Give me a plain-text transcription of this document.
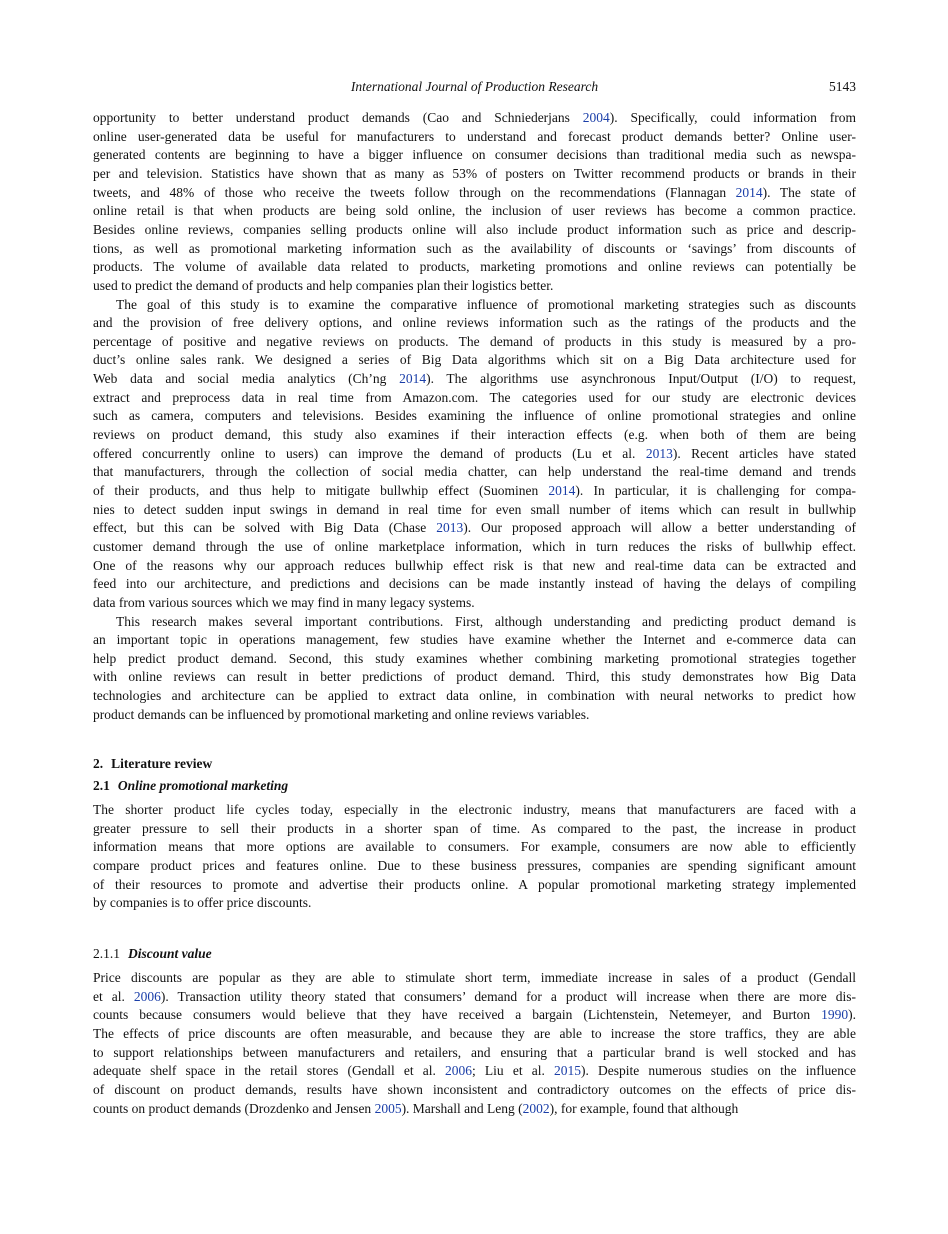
International Journal of Production Research	5143
opportunity to better understand product demands (Cao and Schniederjans 2004). Specifically, could information from
online user-generated data be useful for manufacturers to understand and forecast product demands better? Online user-
generated contents are beginning to have a bigger influence on consumer decisions than traditional media such as newspa-
per and television. Statistics have shown that as many as 53% of posters on Twitter recommend products or brands in their
tweets, and 48% of those who receive the tweets follow through on the recommendations (Flannagan 2014). The state of
online retail is that when products are being sold online, the inclusion of user reviews has become a common practice.
Besides online reviews, companies selling products online will also include product information such as price and descrip-
tions, as well as promotional marketing information such as the availability of discounts or ‘savings’ from discounts of
products. The volume of available data related to products, marketing promotions and online reviews can potentially be
used to predict the demand of products and help companies plan their logistics better.
The goal of this study is to examine the comparative influence of promotional marketing strategies such as discounts
and the provision of free delivery options, and online reviews information such as the ratings of the products and the
percentage of positive and negative reviews on products. The demand of products in this study is measured by a pro-
duct’s online sales rank. We designed a series of Big Data algorithms which sit on a Big Data architecture used for
Web data and social media analytics (Ch’ng 2014). The algorithms use asynchronous Input/Output (I/O) to request,
extract and preprocess data in real time from Amazon.com. The categories used for our study are electronic devices
such as camera, computers and televisions. Besides examining the influence of online promotional strategies and online
reviews on product demand, this study also examines if their interaction effects (e.g. when both of them are being
offered concurrently online to users) can improve the demand of products (Lu et al. 2013). Recent articles have stated
that manufacturers, through the collection of social media chatter, can help understand the real-time demand and trends
of their products, and thus help to mitigate bullwhip effect (Suominen 2014). In particular, it is challenging for compa-
nies to detect sudden input swings in demand in real time for even small number of items which can result in bullwhip
effect, but this can be solved with Big Data (Chase 2013). Our proposed approach will allow a better understanding of
customer demand through the use of online marketplace information, which in turn reduces the risks of bullwhip effect.
One of the reasons why our approach reduces bullwhip effect risk is that new and real-time data can be extracted and
feed into our architecture, and predictions and decisions can be made instantly instead of having the delays of compiling
data from various sources which we may find in many legacy systems.
This research makes several important contributions. First, although understanding and predicting product demand is
an important topic in operations management, few studies have examine whether the Internet and e-commerce data can
help predict product demand. Second, this study examines whether combining marketing promotional strategies together
with online reviews can result in better predictions of product demand. Third, this study demonstrates how Big Data
technologies and architecture can be applied to extract data online, in combination with neural networks to predict how
product demands can be influenced by promotional marketing and online reviews variables.
2. Literature review
2.1 Online promotional marketing
The shorter product life cycles today, especially in the electronic industry, means that manufacturers are faced with a
greater pressure to sell their products in a shorter span of time. As compared to the past, the increase in product
information means that more options are available to consumers. For example, consumers are now able to efficiently
compare product prices and features online. Due to these business pressures, companies are spending significant amount
of their resources to promote and advertise their products online. A popular promotional marketing strategy implemented
by companies is to offer price discounts.
2.1.1 Discount value
Price discounts are popular as they are able to stimulate short term, immediate increase in sales of a product (Gendall
et al. 2006). Transaction utility theory stated that consumers’ demand for a product will increase when there are more dis-
counts because consumers would believe that they have received a bargain (Lichtenstein, Netemeyer, and Burton 1990).
The effects of price discounts are often measurable, and because they are able to increase the store traffics, they are able
to support relationships between manufacturers and retailers, and ensuring that a particular brand is well stocked and has
adequate shelf space in the retail stores (Gendall et al. 2006; Liu et al. 2015). Despite numerous studies on the influence
of discount on product demands, results have shown inconsistent and contradictory outcomes on the effects of price dis-
counts on product demands (Drozdenko and Jensen 2005). Marshall and Leng (2002), for example, found that although
